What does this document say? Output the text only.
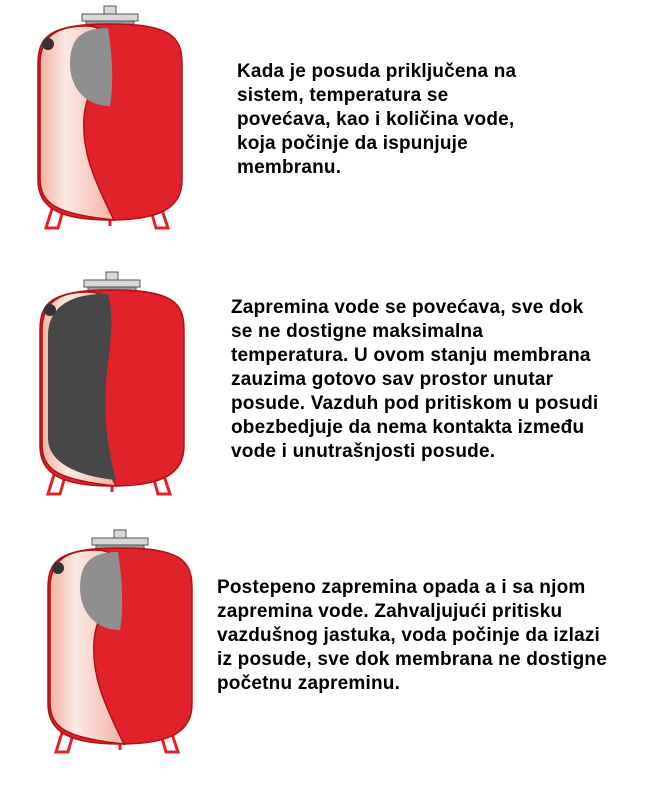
Kada je posuda priključena na
sistem, temperatura se
povećava, kao i količina vode,
koja počinje da ispunjuje
membranu.

Zapremina vode se povećava, sve dok
se ne dostigne maksimalna
temperatura. U ovom stanju membrana
zauzima gotovo sav prostor unutar
posude. Vazduh pod pritiskom u posudi
obezbedjuje da nema kontakta između
vode i unutrašnjosti posude.

Postepeno zapremina opada a i sa njom
zapremina vode. Zahvaljujući pritisku
vazdušnog jastuka, voda počinje da izlazi
iz posude, sve dok membrana ne dostigne
početnu zapreminu.
